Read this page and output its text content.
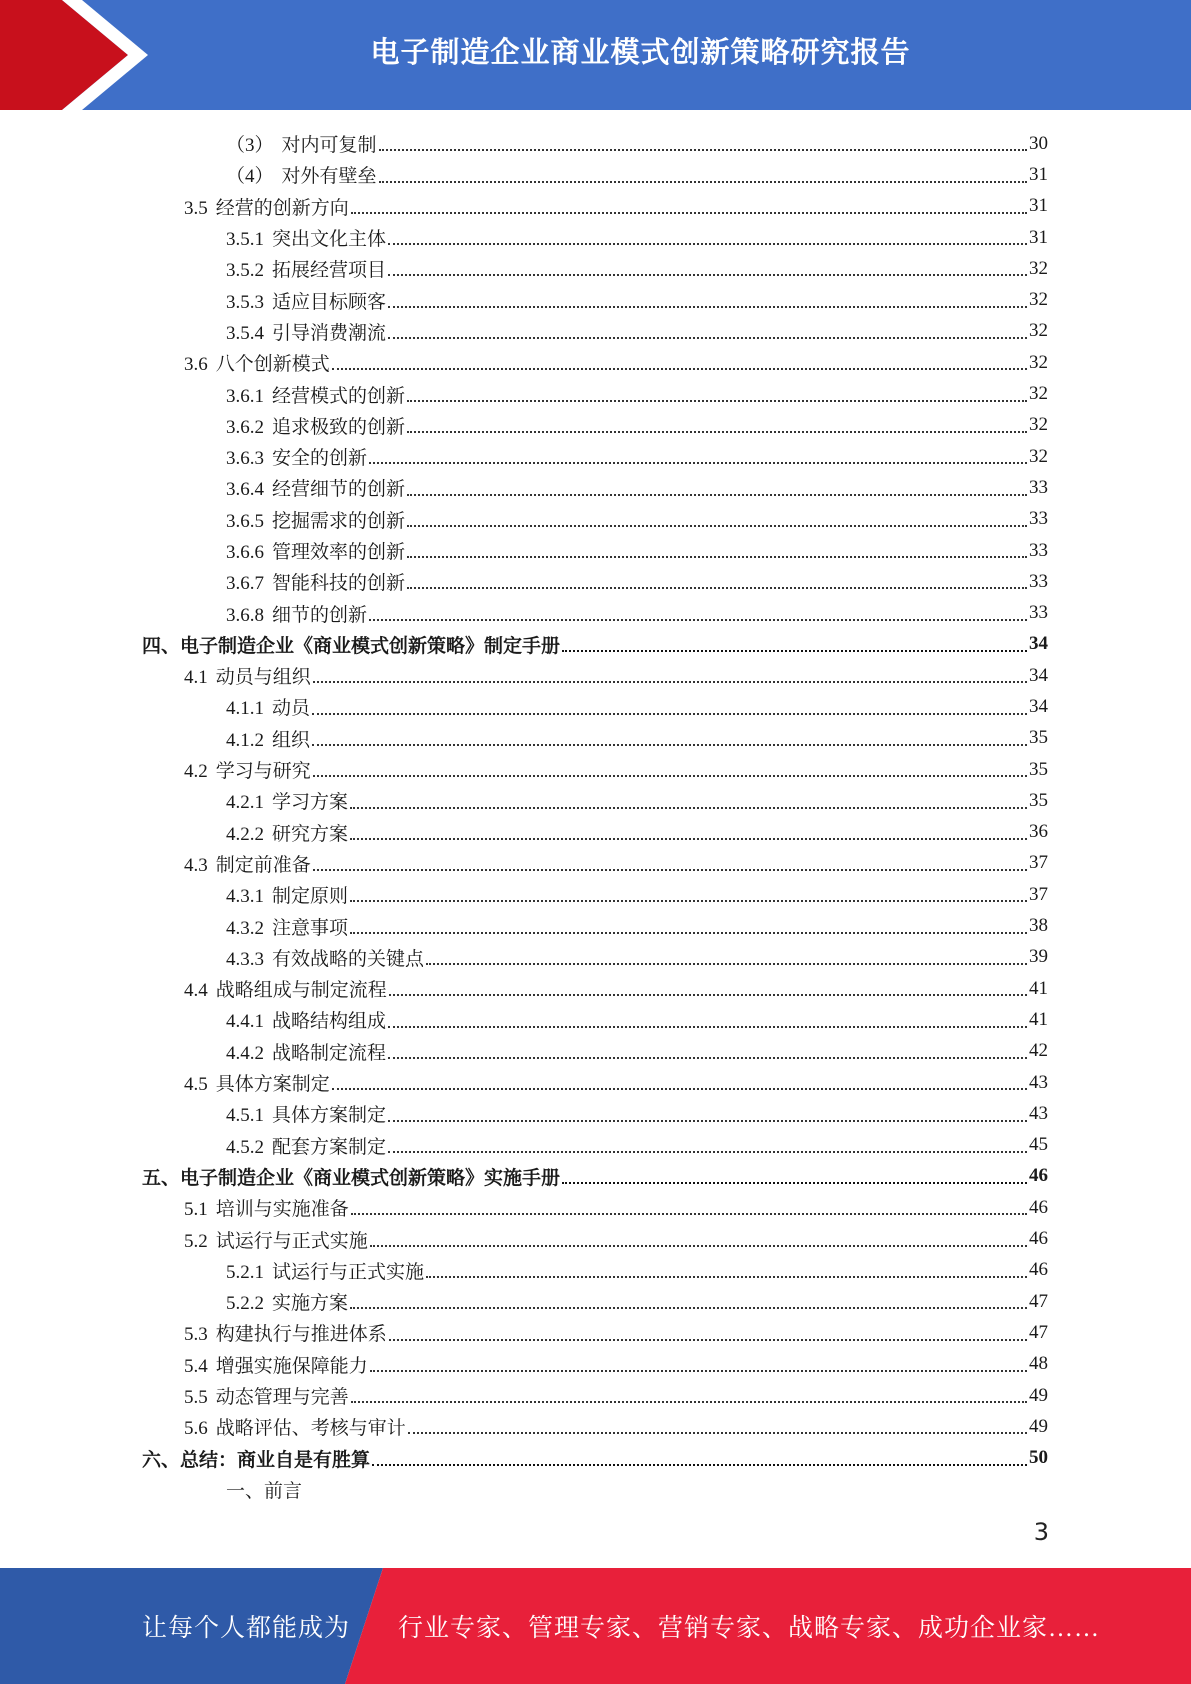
电子制造企业商业模式创新策略研究报告
（3） 对内可复制	30
（4） 对外有壁垒	31
3.5 经营的创新方向	31
3.5.1 突出文化主体	31
3.5.2 拓展经营项目	32
3.5.3 适应目标顾客	32
3.5.4 引导消费潮流	32
3.6 八个创新模式	32
3.6.1 经营模式的创新	32
3.6.2 追求极致的创新	32
3.6.3 安全的创新	32
3.6.4 经营细节的创新	33
3.6.5 挖掘需求的创新	33
3.6.6 管理效率的创新	33
3.6.7 智能科技的创新	33
3.6.8 细节的创新	33
四、电子制造企业《商业模式创新策略》制定手册	34
4.1 动员与组织	34
4.1.1 动员	34
4.1.2 组织	35
4.2 学习与研究	35
4.2.1 学习方案	35
4.2.2 研究方案	36
4.3 制定前准备	37
4.3.1 制定原则	37
4.3.2 注意事项	38
4.3.3 有效战略的关键点	39
4.4 战略组成与制定流程	41
4.4.1 战略结构组成	41
4.4.2 战略制定流程	42
4.5 具体方案制定	43
4.5.1 具体方案制定	43
4.5.2 配套方案制定	45
五、电子制造企业《商业模式创新策略》实施手册	46
5.1 培训与实施准备	46
5.2 试运行与正式实施	46
5.2.1 试运行与正式实施	46
5.2.2 实施方案	47
5.3 构建执行与推进体系	47
5.4 增强实施保障能力	48
5.5 动态管理与完善	49
5.6 战略评估、考核与审计	49
六、总结：商业自是有胜算	50
一、前言
3
让每个人都能成为 行业专家、管理专家、营销专家、战略专家、成功企业家……
